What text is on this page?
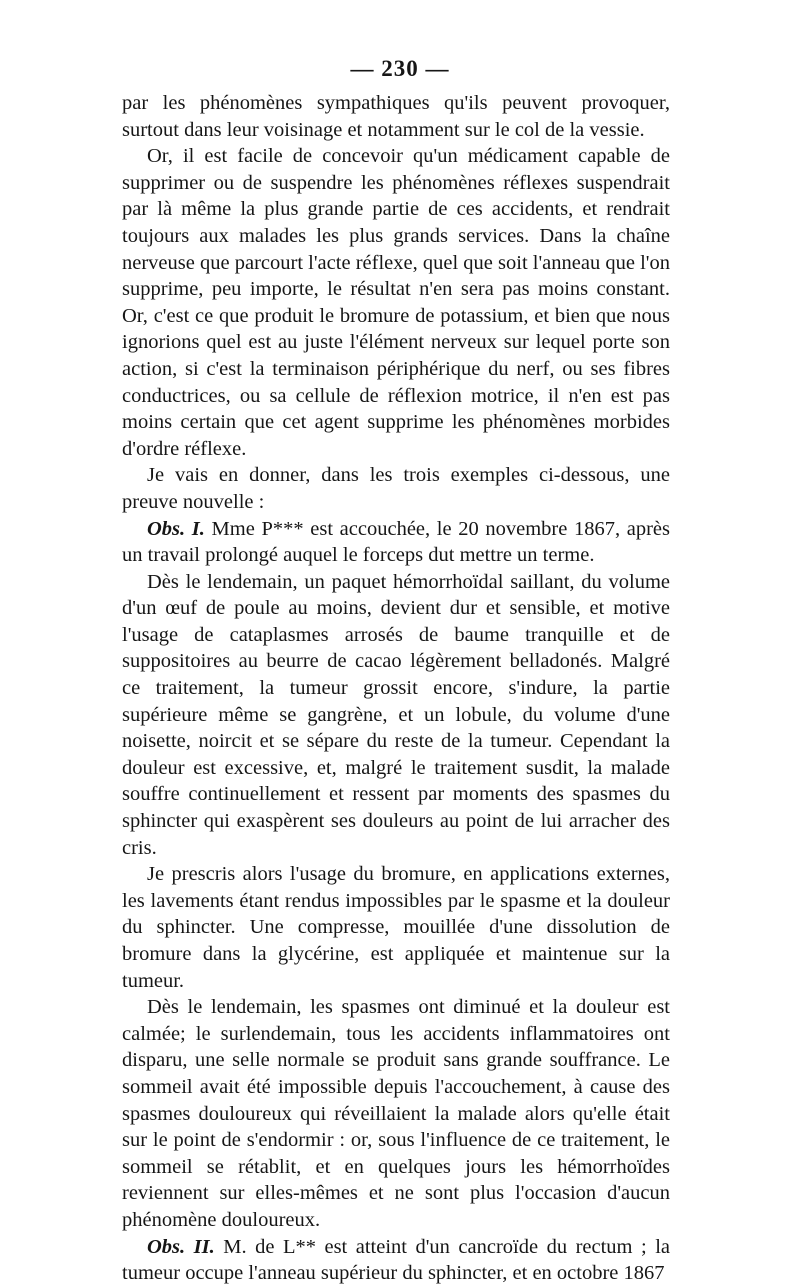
— 230 —

par les phénomènes sympathiques qu'ils peuvent provoquer, surtout dans leur voisinage et notamment sur le col de la vessie.

Or, il est facile de concevoir qu'un médicament capable de supprimer ou de suspendre les phénomènes réflexes suspendrait par là même la plus grande partie de ces accidents, et rendrait toujours aux malades les plus grands services. Dans la chaîne nerveuse que parcourt l'acte réflexe, quel que soit l'anneau que l'on supprime, peu importe, le résultat n'en sera pas moins constant. Or, c'est ce que produit le bromure de potassium, et bien que nous ignorions quel est au juste l'élément nerveux sur lequel porte son action, si c'est la terminaison périphérique du nerf, ou ses fibres conductrices, ou sa cellule de réflexion motrice, il n'en est pas moins certain que cet agent supprime les phénomènes morbides d'ordre réflexe.

Je vais en donner, dans les trois exemples ci-dessous, une preuve nouvelle :

Obs. I. Mme P*** est accouchée, le 20 novembre 1867, après un travail prolongé auquel le forceps dut mettre un terme.

Dès le lendemain, un paquet hémorrhoïdal saillant, du volume d'un œuf de poule au moins, devient dur et sensible, et motive l'usage de cataplasmes arrosés de baume tranquille et de suppositoires au beurre de cacao légèrement belladonés. Malgré ce traitement, la tumeur grossit encore, s'indure, la partie supérieure même se gangrène, et un lobule, du volume d'une noisette, noircit et se sépare du reste de la tumeur. Cependant la douleur est excessive, et, malgré le traitement susdit, la malade souffre continuellement et ressent par moments des spasmes du sphincter qui exaspèrent ses douleurs au point de lui arracher des cris.

Je prescris alors l'usage du bromure, en applications externes, les lavements étant rendus impossibles par le spasme et la douleur du sphincter. Une compresse, mouillée d'une dissolution de bromure dans la glycérine, est appliquée et maintenue sur la tumeur.

Dès le lendemain, les spasmes ont diminué et la douleur est calmée; le surlendemain, tous les accidents inflammatoires ont disparu, une selle normale se produit sans grande souffrance. Le sommeil avait été impossible depuis l'accouchement, à cause des spasmes douloureux qui réveillaient la malade alors qu'elle était sur le point de s'endormir : or, sous l'influence de ce traitement, le sommeil se rétablit, et en quelques jours les hémorrhoïdes reviennent sur elles-mêmes et ne sont plus l'occasion d'aucun phénomène douloureux.

Obs. II. M. de L** est atteint d'un cancroïde du rectum ; la tumeur occupe l'anneau supérieur du sphincter, et en octobre 1867
